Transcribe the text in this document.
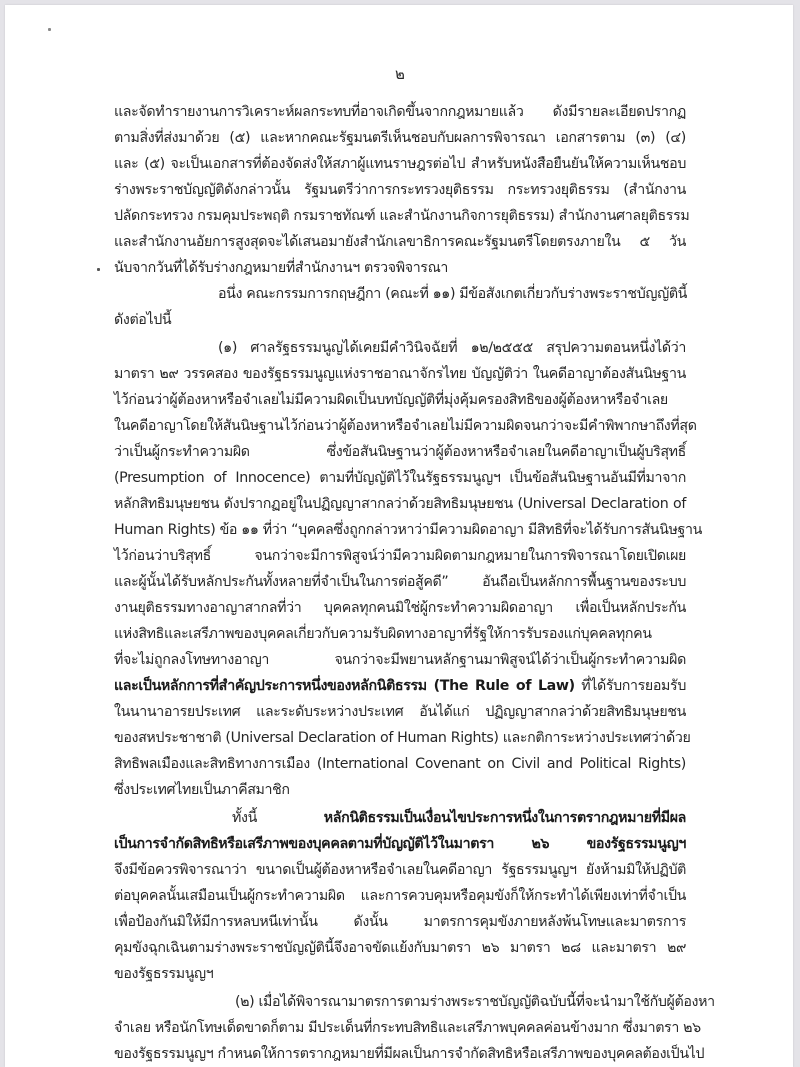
๒
และจัดทำรายงานการวิเคราะห์ผลกระทบที่อาจเกิดขึ้นจากกฎหมายแล้ว ดังมีรายละเอียดปรากฏ
ตามสิ่งที่ส่งมาด้วย (๕) และหากคณะรัฐมนตรีเห็นชอบกับผลการพิจารณา เอกสารตาม (๓) (๔)
และ (๕) จะเป็นเอกสารที่ต้องจัดส่งให้สภาผู้แทนราษฎรต่อไป สำหรับหนังสือยืนยันให้ความเห็นชอบ
ร่างพระราชบัญญัติดังกล่าวนั้น รัฐมนตรีว่าการกระทรวงยุติธรรม กระทรวงยุติธรรม (สำนักงาน
ปลัดกระทรวง กรมคุมประพฤติ กรมราชทัณฑ์ และสำนักงานกิจการยุติธรรม) สำนักงานศาลยุติธรรม
และสำนักงานอัยการสูงสุดจะได้เสนอมายังสำนักเลขาธิการคณะรัฐมนตรีโดยตรงภายใน ๕ วัน
นับจากวันที่ได้รับร่างกฎหมายที่สำนักงานฯ ตรวจพิจารณา
อนึ่ง คณะกรรมการกฤษฎีกา (คณะที่ ๑๑) มีข้อสังเกตเกี่ยวกับร่างพระราชบัญญัตินี้
ดังต่อไปนี้
(๑) ศาลรัฐธรรมนูญได้เคยมีคำวินิจฉัยที่ ๑๒/๒๕๕๕ สรุปความตอนหนึ่งได้ว่า
มาตรา ๒๙ วรรคสอง ของรัฐธรรมนูญแห่งราชอาณาจักรไทย บัญญัติว่า ในคดีอาญาต้องสันนิษฐาน
ไว้ก่อนว่าผู้ต้องหาหรือจำเลยไม่มีความผิดเป็นบทบัญญัติที่มุ่งคุ้มครองสิทธิของผู้ต้องหาหรือจำเลย
ในคดีอาญาโดยให้สันนิษฐานไว้ก่อนว่าผู้ต้องหาหรือจำเลยไม่มีความผิดจนกว่าจะมีคำพิพากษาถึงที่สุด
ว่าเป็นผู้กระทำความผิด ซึ่งข้อสันนิษฐานว่าผู้ต้องหาหรือจำเลยในคดีอาญาเป็นผู้บริสุทธิ์
(Presumption of Innocence) ตามที่บัญญัติไว้ในรัฐธรรมนูญฯ เป็นข้อสันนิษฐานอันมีที่มาจาก
หลักสิทธิมนุษยชน ดังปรากฏอยู่ในปฏิญญาสากลว่าด้วยสิทธิมนุษยชน (Universal Declaration of
Human Rights) ข้อ ๑๑ ที่ว่า “บุคคลซึ่งถูกกล่าวหาว่ามีความผิดอาญา มีสิทธิที่จะได้รับการสันนิษฐาน
ไว้ก่อนว่าบริสุทธิ์ จนกว่าจะมีการพิสูจน์ว่ามีความผิดตามกฎหมายในการพิจารณาโดยเปิดเผย
และผู้นั้นได้รับหลักประกันทั้งหลายที่จำเป็นในการต่อสู้คดี” อันถือเป็นหลักการพื้นฐานของระบบ
งานยุติธรรมทางอาญาสากลที่ว่า บุคคลทุกคนมิใช่ผู้กระทำความผิดอาญา เพื่อเป็นหลักประกัน
แห่งสิทธิและเสรีภาพของบุคคลเกี่ยวกับความรับผิดทางอาญาที่รัฐให้การรับรองแก่บุคคลทุกคน
ที่จะไม่ถูกลงโทษทางอาญา จนกว่าจะมีพยานหลักฐานมาพิสูจน์ได้ว่าเป็นผู้กระทำความผิด
และเป็นหลักการที่สำคัญประการหนึ่งของหลักนิติธรรม (The Rule of Law) ที่ได้รับการยอมรับ
ในนานาอารยประเทศ และระดับระหว่างประเทศ อันได้แก่ ปฏิญญาสากลว่าด้วยสิทธิมนุษยชน
ของสหประชาชาติ (Universal Declaration of Human Rights) และกติการะหว่างประเทศว่าด้วย
สิทธิพลเมืองและสิทธิทางการเมือง (International Covenant on Civil and Political Rights)
ซึ่งประเทศไทยเป็นภาคีสมาชิก
ทั้งนี้ หลักนิติธรรมเป็นเงื่อนไขประการหนึ่งในการตรากฎหมายที่มีผล
เป็นการจำกัดสิทธิหรือเสรีภาพของบุคคลตามที่บัญญัติไว้ในมาตรา ๒๖ ของรัฐธรรมนูญฯ
จึงมีข้อควรพิจารณาว่า ขนาดเป็นผู้ต้องหาหรือจำเลยในคดีอาญา รัฐธรรมนูญฯ ยังห้ามมิให้ปฏิบัติ
ต่อบุคคลนั้นเสมือนเป็นผู้กระทำความผิด และการควบคุมหรือคุมขังก็ให้กระทำได้เพียงเท่าที่จำเป็น
เพื่อป้องกันมิให้มีการหลบหนีเท่านั้น ดังนั้น มาตรการคุมขังภายหลังพ้นโทษและมาตรการ
คุมขังฉุกเฉินตามร่างพระราชบัญญัตินี้จึงอาจขัดแย้งกับมาตรา ๒๖ มาตรา ๒๘ และมาตรา ๒๙
ของรัฐธรรมนูญฯ
(๒) เมื่อได้พิจารณามาตรการตามร่างพระราชบัญญัติฉบับนี้ที่จะนำมาใช้กับผู้ต้องหา
จำเลย หรือนักโทษเด็ดขาดก็ตาม มีประเด็นที่กระทบสิทธิและเสรีภาพบุคคลค่อนข้างมาก ซึ่งมาตรา ๒๖
ของรัฐธรรมนูญฯ กำหนดให้การตรากฎหมายที่มีผลเป็นการจำกัดสิทธิหรือเสรีภาพของบุคคลต้องเป็นไป
